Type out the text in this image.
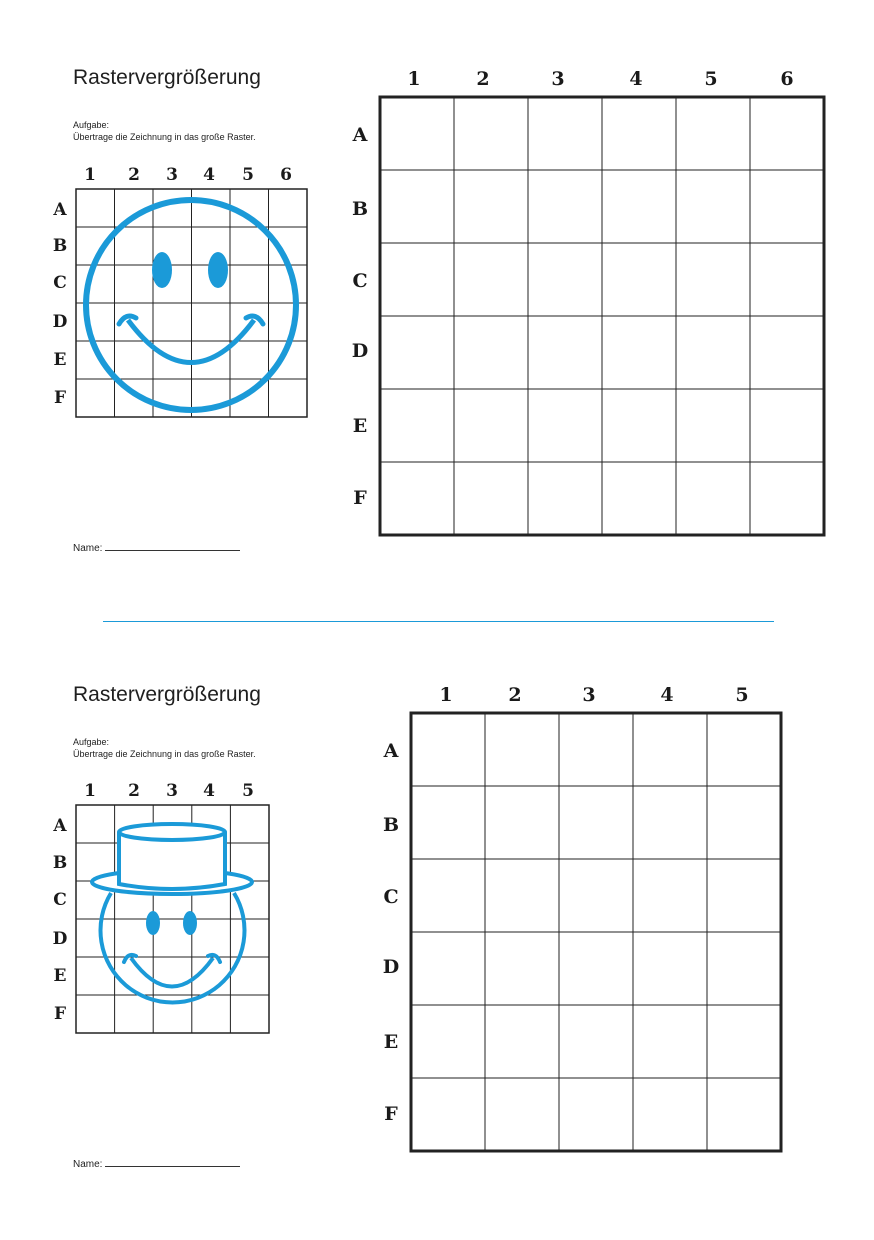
Rastervergrößerung
Aufgabe:
Übertrage die Zeichnung in das große Raster.
Name:
Rastervergrößerung
Aufgabe:
Übertrage die Zeichnung in das große Raster.
Name:
1 2 3 4 5 6
A
B
C
D
E
F
1	2	3	4	5	6
A
B
C
D
E
F
1 2 3 4 5
A
B
C
D
E
F
1	2	3	4	5
A
B
C
D
E
F
